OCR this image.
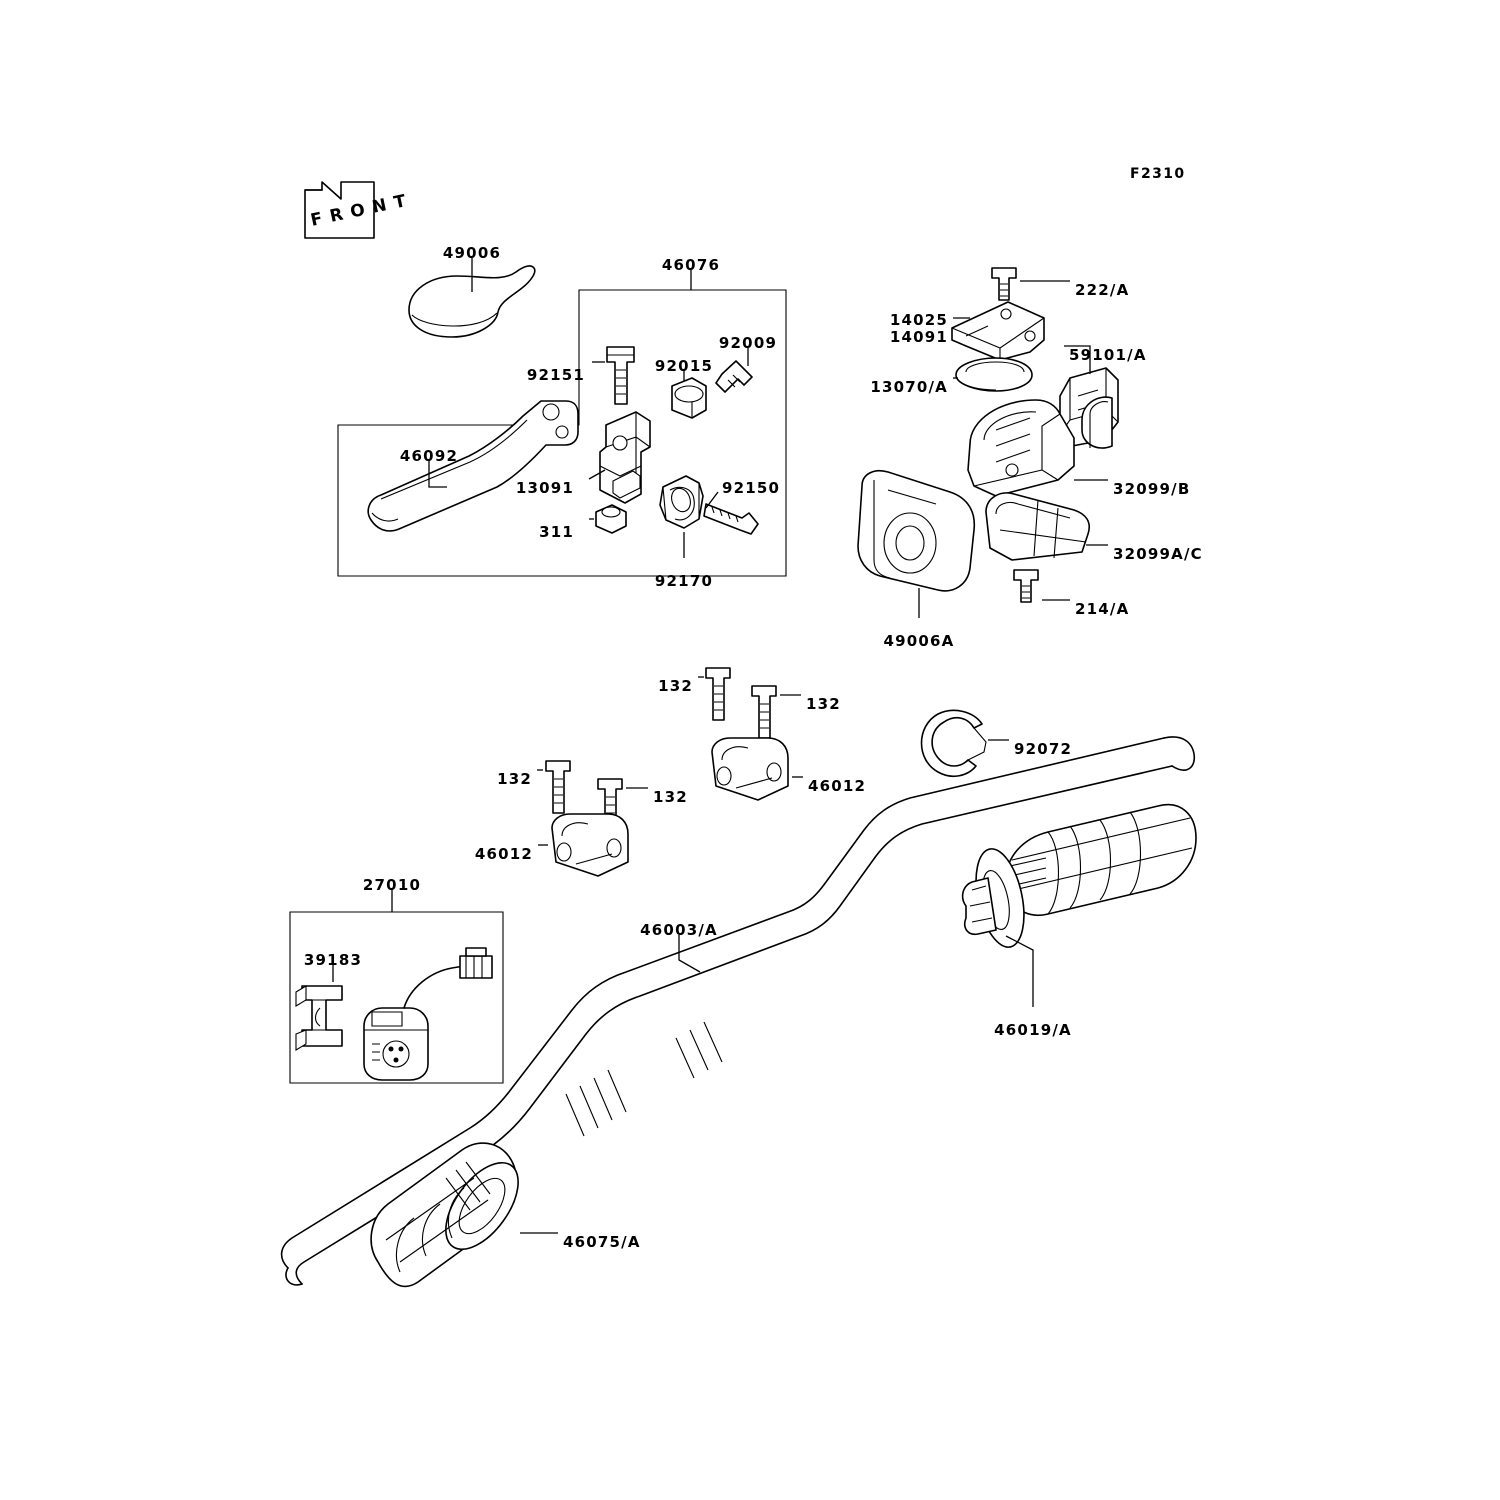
F2310
F R O N T
49006
46076
92009
92015
92151
46092
13091	92150
311
92170
222/A
14025
14091
59101/A
13070/A
32099/B
32099A/C
214/A
49006A
132
132
92072
132	46012
132
46012
27010
46003/A
39183
46019/A
46075/A
